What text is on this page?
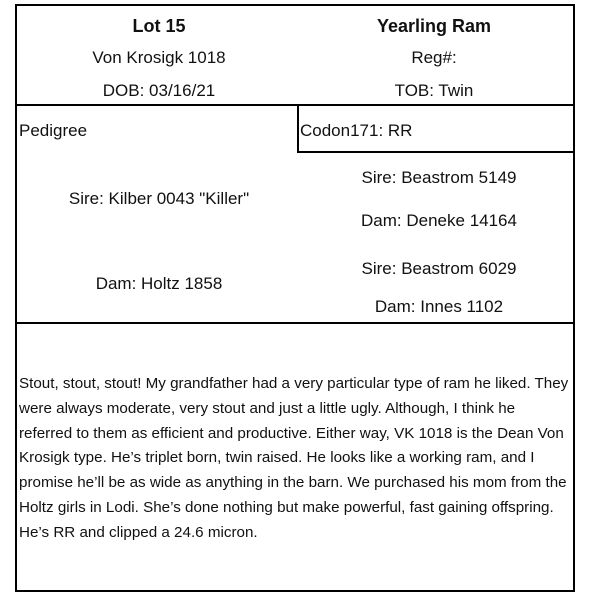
Lot 15
Von Krosigk 1018
DOB: 03/16/21
Yearling Ram
Reg#:
TOB: Twin
Pedigree	Codon171: RR
Sire: Kilber 0043 "Killer"
Dam: Holtz 1858
Sire: Beastrom 5149
Dam: Deneke 14164
Sire: Beastrom 6029
Dam: Innes 1102
Stout, stout, stout! My grandfather had a very particular type of ram he liked. They were always moderate, very stout and just a little ugly. Although, I think he referred to them as efficient and productive. Either way, VK 1018 is the Dean Von Krosigk type. He’s triplet born, twin raised. He looks like a working ram, and I promise he’ll be as wide as anything in the barn. We purchased his mom from the Holtz girls in Lodi. She’s done nothing but make powerful, fast gaining offspring. He’s RR and clipped a 24.6 micron.
